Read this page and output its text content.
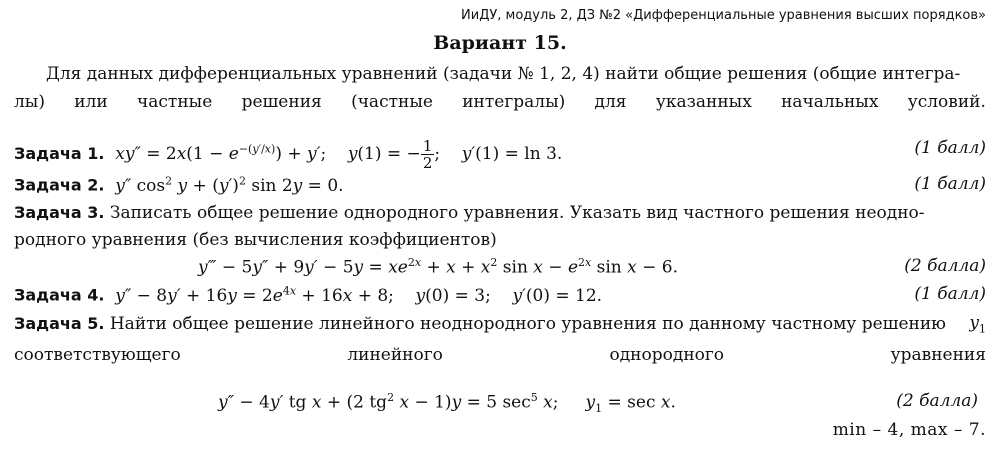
ИиДУ, модуль 2, ДЗ №2 «Дифференциальные уравнения высших порядков»
Вариант 15.
Для данных дифференциальных уравнений (задачи № 1, 2, 4) найти общие решения (общие интегра-
лы) или частные решения (частные интегралы) для указанных начальных условий.
Задача 1. $xy'' = 2x(1 - e^{-(y'/x)}) + y'$;    y(1) = − $\frac{1}{2}$ ;    y′(1) = ln 3.	(1 балл)
Задача 2. y″ $\cos^2 y + (y')^2$ sin 2y = 0.	(1 балл)
Задача 3. Записать общее решение однородного уравнения. Указать вид частного решения неодно-
родного уравнения (без вычисления коэффициентов)
y‴ − $5y'' + 9y' - 5y = xe^{2x} + x + x^2$ $\sin x - e^{2x}$ sin x − 6.	(2 балла)
Задача 4. $y'' - 8y' + 16y = 2e^{4x} + 16x + 8$;    y(0) = 3;    y′(0) = 12.	(1 балл)
Задача 5. Найти общее решение линейного неоднородного уравнения по данному частному решению $y_1$
соответствующего	линейного	однородного	уравнения
y″ − 4y′ tg x + (2 $tg^2$ x − 1)y = 5 $\sec^5 x$;     $y_1 = \sec x$.	(2 балла)
min – 4, max – 7.
